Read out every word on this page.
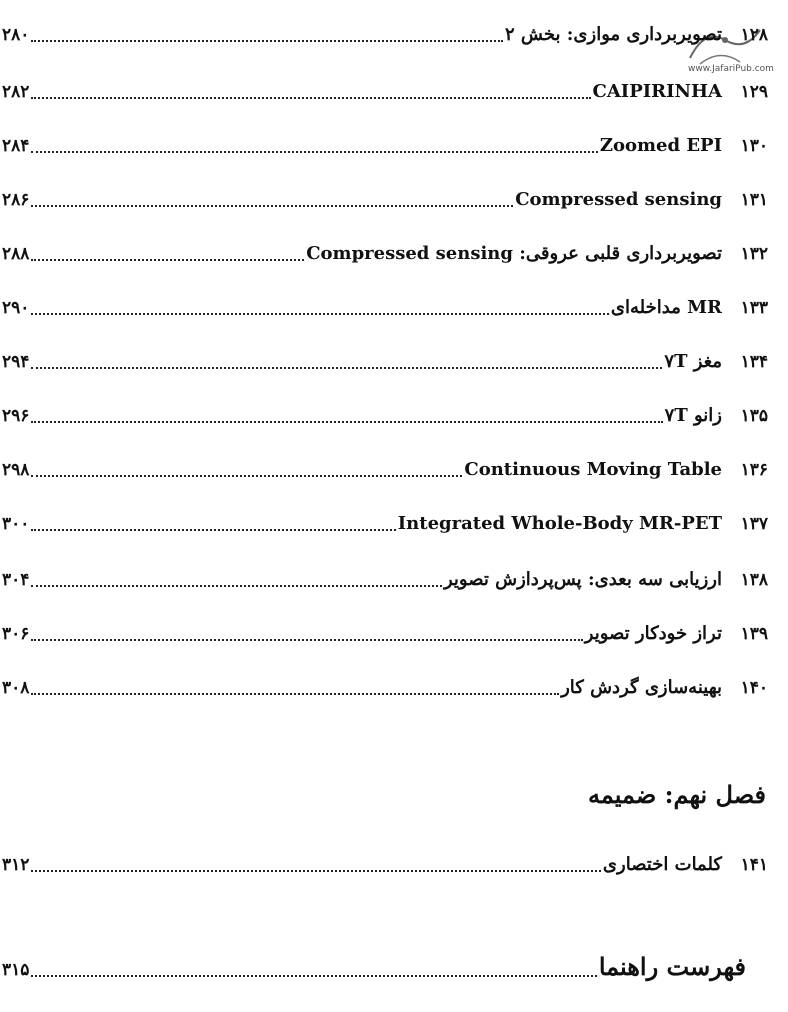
www.JafariPub.com
۲۸۰	تصویربرداری موازی: بخش ۲	۱۲۸
۲۸۲	CAIPIRINHA	۱۲۹
۲۸۴	Zoomed EPI	۱۳۰
۲۸۶	Compressed sensing	۱۳۱
۲۸۸	تصویربرداری قلبی عروقی: Compressed sensing	۱۳۲
۲۹۰	MR مداخله‌ای	۱۳۳
۲۹۴	مغز ۷T	۱۳۴
۲۹۶	زانو ۷T	۱۳۵
۲۹۸	Continuous Moving Table	۱۳۶
۳۰۰	Integrated Whole-Body MR-PET	۱۳۷
۳۰۴	ارزیابی سه بعدی: پس‌پردازش تصویر	۱۳۸
۳۰۶	تراز خودکار تصویر	۱۳۹
۳۰۸	بهینه‌سازی گردش کار	۱۴۰
فصل نهم: ضمیمه
۳۱۲	کلمات اختصاری	۱۴۱
۳۱۵	فهرست راهنما
